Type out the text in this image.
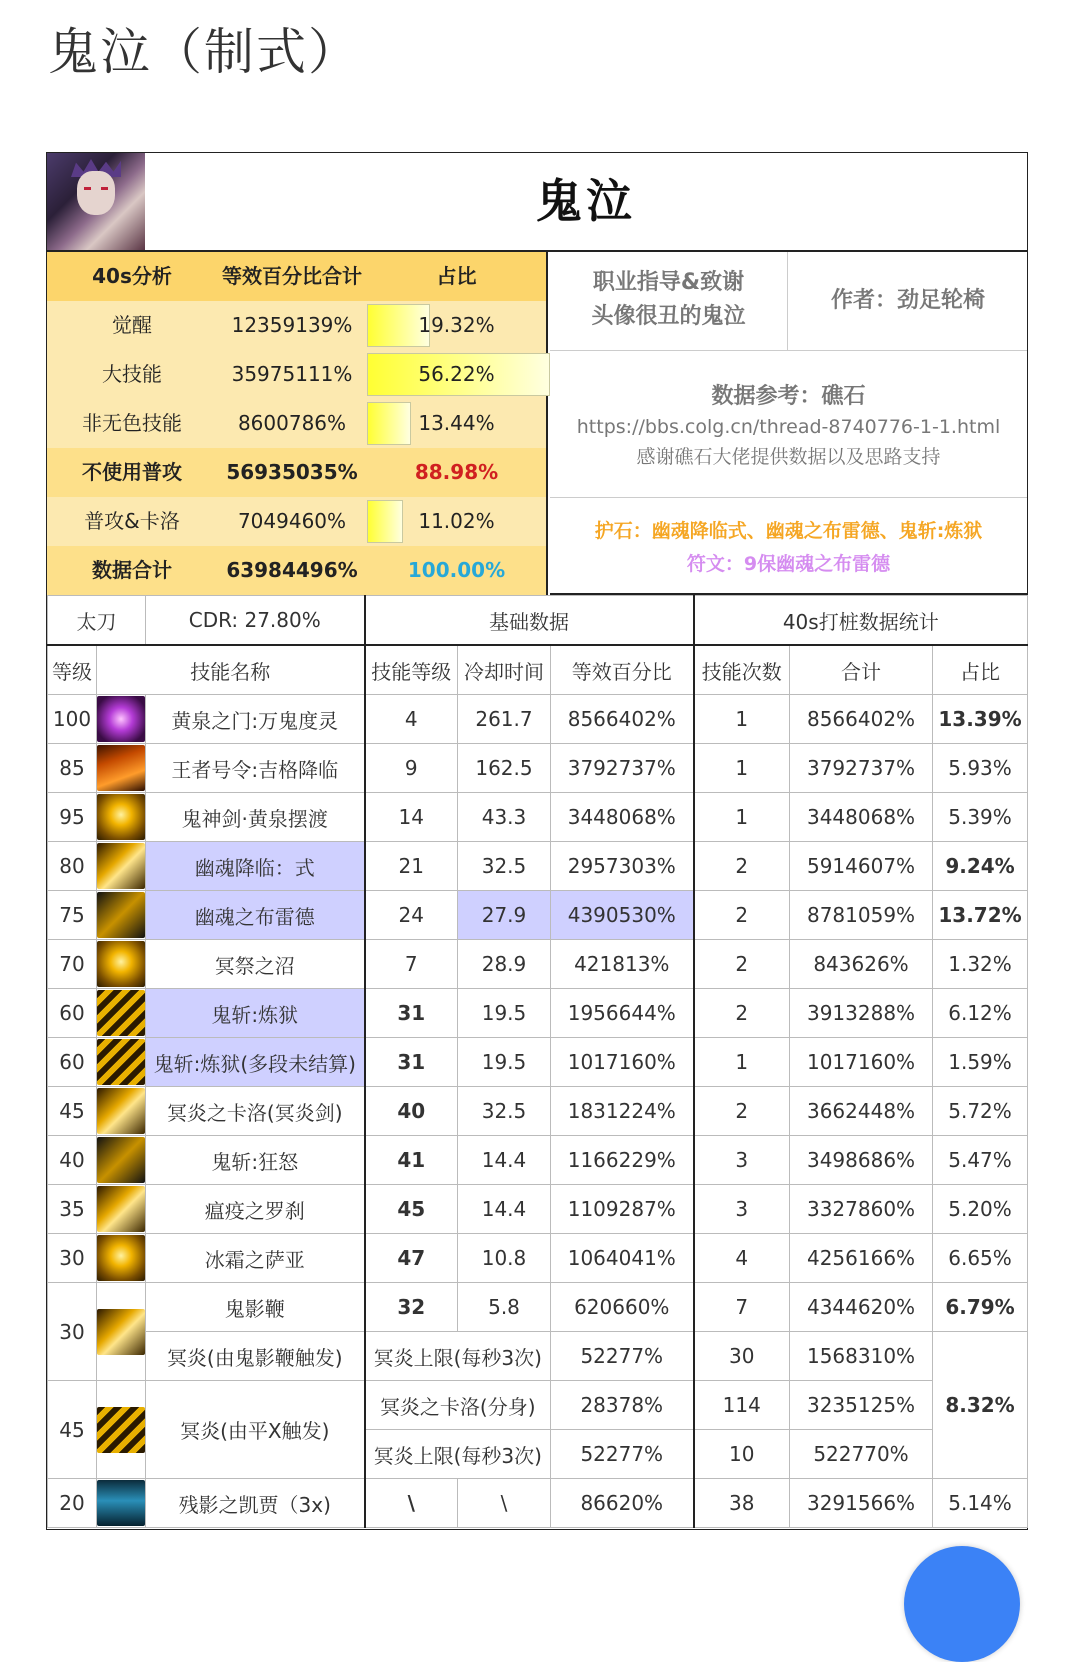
鬼泣（制式）
鬼泣
40s分析	等效百分比合计	占比
觉醒	12359139%	19.32%
大技能	35975111%	56.22%
非无色技能	8600786%	13.44%
不使用普攻	56935035%	88.98%
普攻&卡洛	7049460%	11.02%
数据合计	63984496%	100.00%
职业指导&致谢
头像很丑的鬼泣
作者：劲足轮椅
数据参考：礁石
https://bbs.colg.cn/thread-8740776-1-1.html
感谢礁石大佬提供数据以及思路支持
护石：幽魂降临式、幽魂之布雷德、鬼斩:炼狱
符文：9保幽魂之布雷德
太刀		CDR: 27.80%	基础数据			40s打桩数据统计		
等级	技能名称		技能等级	冷却时间	等效百分比	技能次数	合计	占比
100		黄泉之门:万鬼度灵	4	261.7	8566402%	1	8566402%	13.39%
85		王者号令:吉格降临	9	162.5	3792737%	1	3792737%	5.93%
95		鬼神剑·黄泉摆渡	14	43.3	3448068%	1	3448068%	5.39%
80		幽魂降临：式	21	32.5	2957303%	2	5914607%	9.24%
75		幽魂之布雷德	24	27.9	4390530%	2	8781059%	13.72%
70		冥祭之沼	7	28.9	421813%	2	843626%	1.32%
60		鬼斩:炼狱	31	19.5	1956644%	2	3913288%	6.12%
60		鬼斩:炼狱(多段未结算)	31	19.5	1017160%	1	1017160%	1.59%
45		冥炎之卡洛(冥炎剑)	40	32.5	1831224%	2	3662448%	5.72%
40		鬼斩:狂怒	41	14.4	1166229%	3	3498686%	5.47%
35		瘟疫之罗刹	45	14.4	1109287%	3	3327860%	5.20%
30		冰霜之萨亚	47	10.8	1064041%	4	4256166%	6.65%
30		鬼影鞭	32	5.8	620660%	7	4344620%	6.79%
		冥炎(由鬼影鞭触发)	冥炎上限(每秒3次)		52277%	30	1568310%	8.32%
45		冥炎(由平X触发)	冥炎之卡洛(分身)		28378%	114	3235125%	
			冥炎上限(每秒3次)		52277%	10	522770%	
20		残影之凯贾（3x)	\	\	86620%	38	3291566%	5.14%
